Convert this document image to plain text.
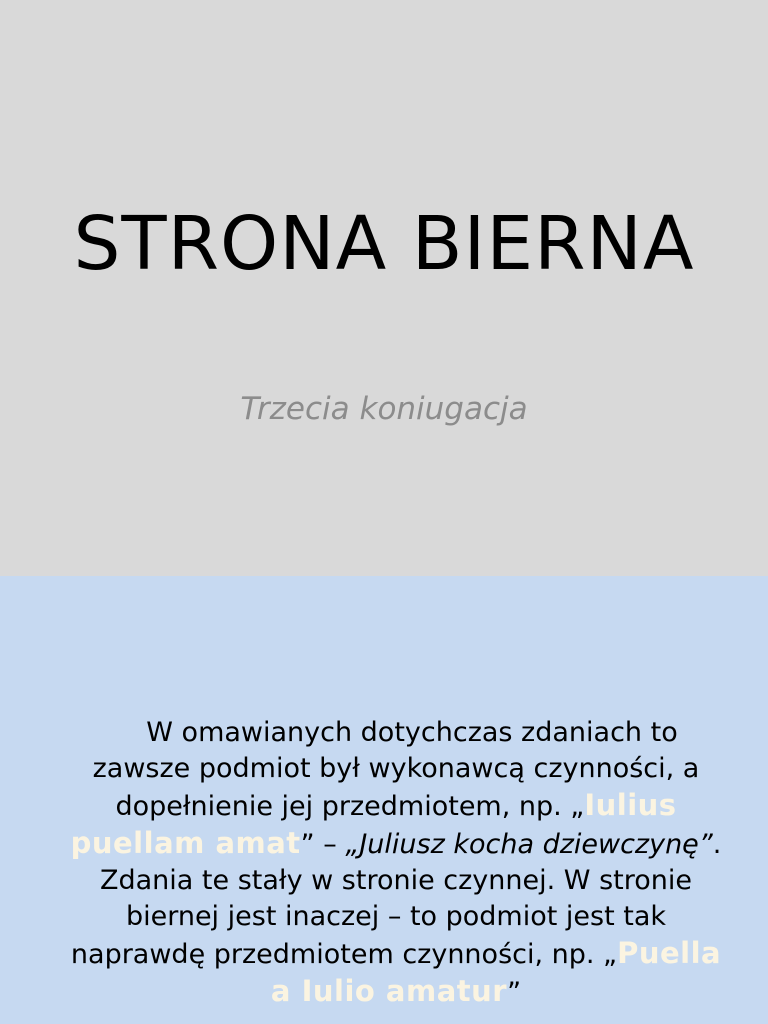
STRONA BIERNA
Trzecia koniugacja
W omawianych dotychczas zdaniach to zawsze podmiot był wykonawcą czynności, a dopełnienie jej przedmiotem, np. „Iulius puellam amat” – „Juliusz kocha dziewczynę”. Zdania te stały w stronie czynnej. W stronie biernej jest inaczej – to podmiot jest tak naprawdę przedmiotem czynności, np. „Puella a Iulio amatur”
